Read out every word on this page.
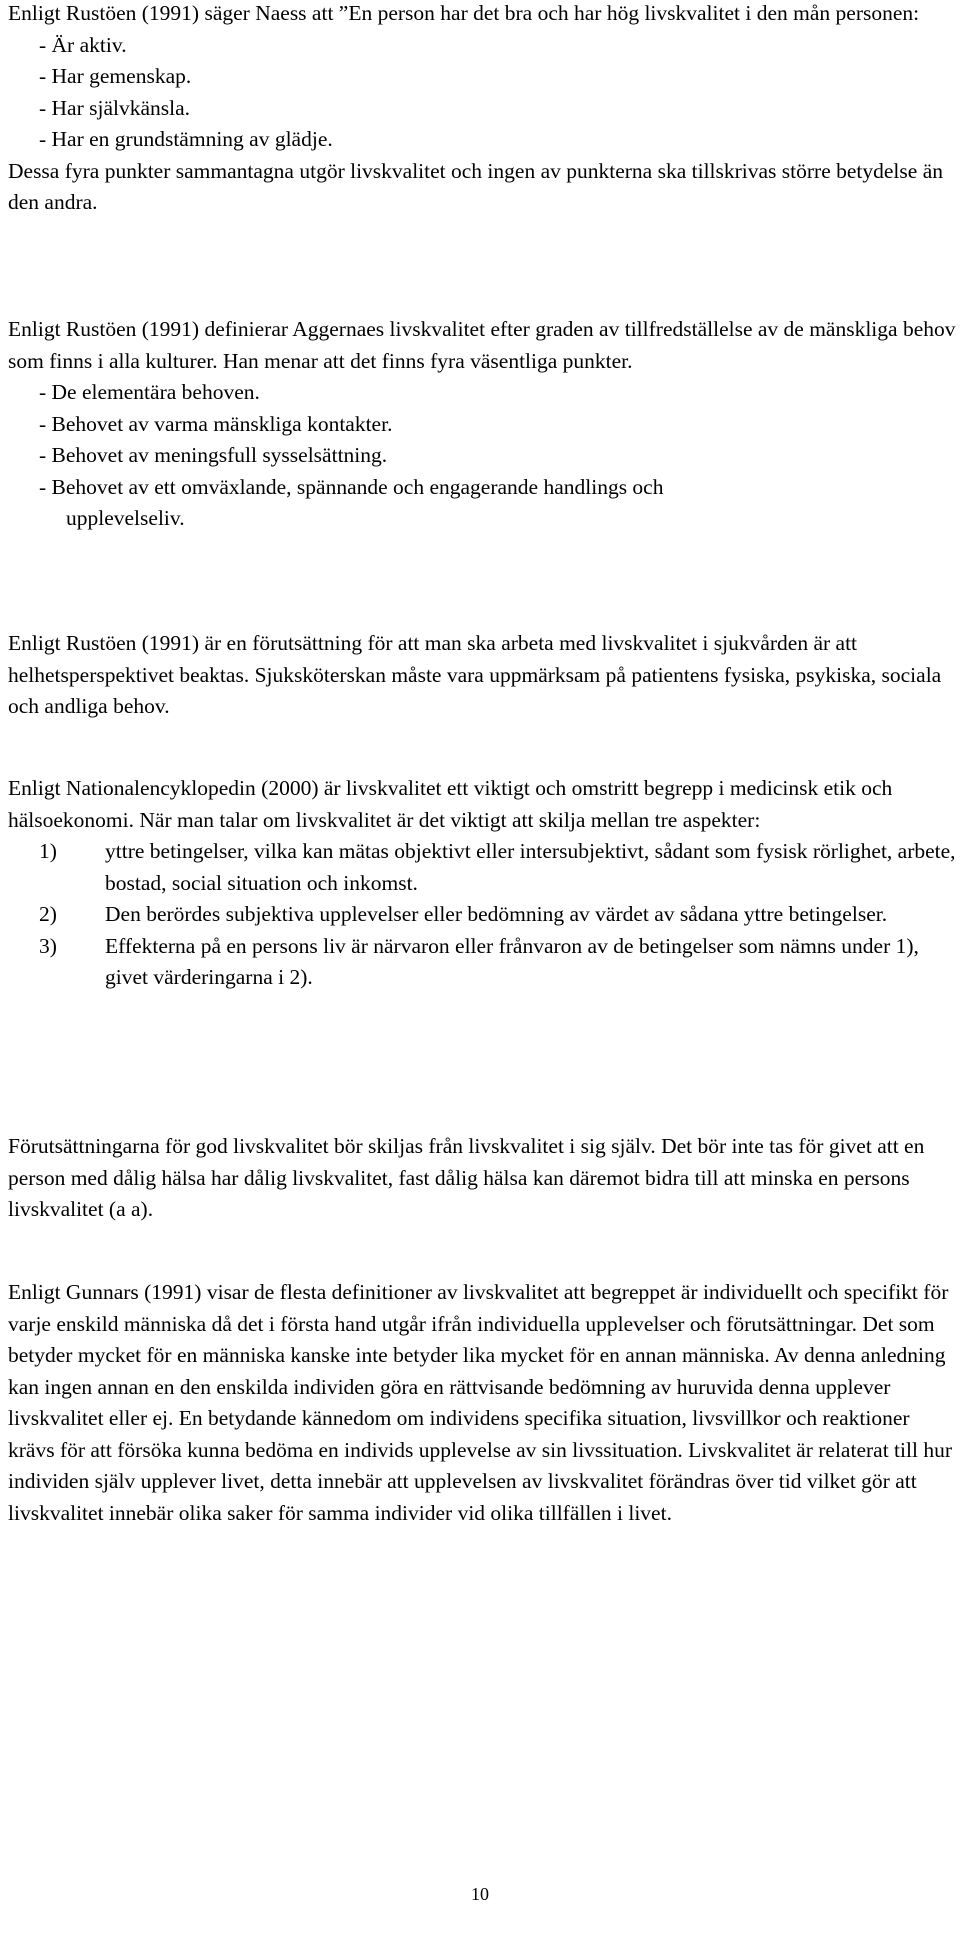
Enligt Rustöen (1991) säger Naess att ”En person har det bra och har hög livskvalitet i den mån personen:

- Är aktiv.

- Har gemenskap.

- Har självkänsla.

- Har en grundstämning av glädje.

Dessa fyra punkter sammantagna utgör livskvalitet och ingen av punkterna ska tillskrivas större betydelse än den andra.

Enligt Rustöen (1991) definierar Aggernaes livskvalitet efter graden av tillfredställelse av de mänskliga behov som finns i alla kulturer. Han menar att det finns fyra väsentliga punkter.

- De elementära behoven.

- Behovet av varma mänskliga kontakter.

- Behovet av meningsfull sysselsättning.

- Behovet av ett omväxlande, spännande och engagerande handlings och

upplevelseliv.

Enligt Rustöen (1991) är en förutsättning för att man ska arbeta med livskvalitet i sjukvården är att helhetsperspektivet beaktas. Sjuksköterskan måste vara uppmärksam på patientens fysiska, psykiska, sociala och andliga behov.

Enligt Nationalencyklopedin (2000) är livskvalitet ett viktigt och omstritt begrepp i medicinsk etik och hälsoekonomi. När man talar om livskvalitet är det viktigt att skilja mellan tre aspekter:

1) yttre betingelser, vilka kan mätas objektivt eller intersubjektivt, sådant som fysisk rörlighet, arbete, bostad, social situation och inkomst.

2) Den berördes subjektiva upplevelser eller bedömning av värdet av sådana yttre betingelser.

3) Effekterna på en persons liv är närvaron eller frånvaron av de betingelser som nämns under 1), givet värderingarna i 2).

Förutsättningarna för god livskvalitet bör skiljas från livskvalitet i sig själv. Det bör inte tas för givet att en person med dålig hälsa har dålig livskvalitet, fast dålig hälsa kan däremot bidra till att minska en persons livskvalitet (a a).

Enligt Gunnars (1991) visar de flesta definitioner av livskvalitet att begreppet är individuellt och specifikt för varje enskild människa då det i första hand utgår ifrån individuella upplevelser och förutsättningar. Det som betyder mycket för en människa kanske inte betyder lika mycket för en annan människa. Av denna anledning kan ingen annan en den enskilda individen göra en rättvisande bedömning av huruvida denna upplever livskvalitet eller ej. En betydande kännedom om individens specifika situation, livsvillkor och reaktioner krävs för att försöka kunna bedöma en individs upplevelse av sin livssituation. Livskvalitet är relaterat till hur individen själv upplever livet, detta innebär att upplevelsen av livskvalitet förändras över tid vilket gör att livskvalitet innebär olika saker för samma individer vid olika tillfällen i livet.

10
